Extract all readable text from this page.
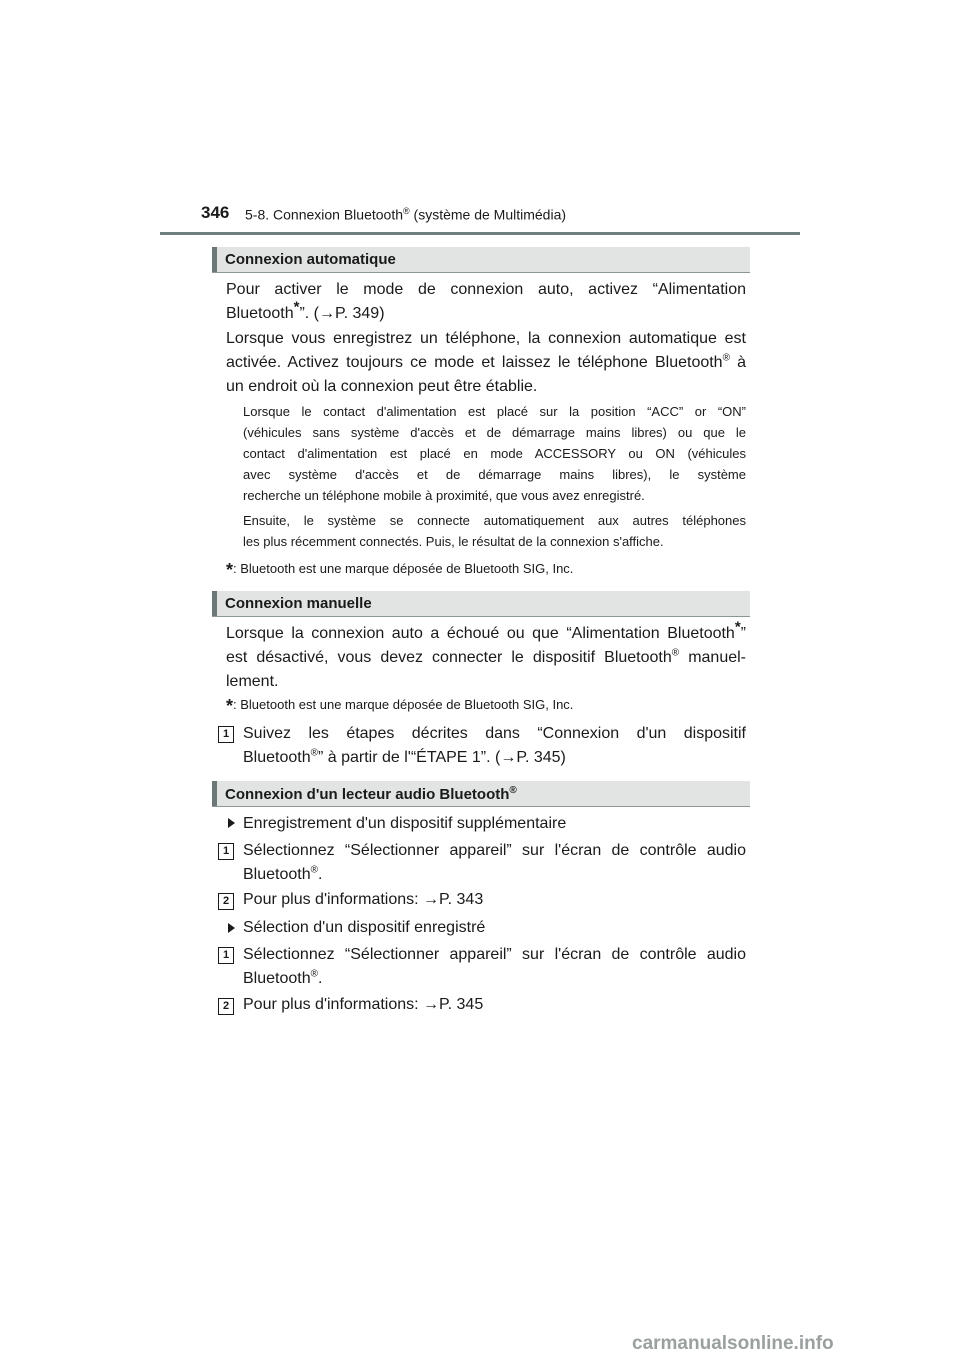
346 5-8. Connexion Bluetooth® (système de Multimédia)
Connexion automatique
Pour activer le mode de connexion auto, activez “Alimentation
Bluetooth*”. (→P. 349)
Lorsque vous enregistrez un téléphone, la connexion automatique est
activée. Activez toujours ce mode et laissez le téléphone Bluetooth® à
un endroit où la connexion peut être établie.
Lorsque le contact d'alimentation est placé sur la position “ACC” or “ON”
(véhicules sans système d'accès et de démarrage mains libres) ou que le
contact d'alimentation est placé en mode ACCESSORY ou ON (véhicules
avec système d'accès et de démarrage mains libres), le système
recherche un téléphone mobile à proximité, que vous avez enregistré.
Ensuite, le système se connecte automatiquement aux autres téléphones
les plus récemment connectés. Puis, le résultat de la connexion s'affiche.
*: Bluetooth est une marque déposée de Bluetooth SIG, Inc.
Connexion manuelle
Lorsque la connexion auto a échoué ou que “Alimentation Bluetooth*”
est désactivé, vous devez connecter le dispositif Bluetooth® manuel-
lement.
*: Bluetooth est une marque déposée de Bluetooth SIG, Inc.
1 Suivez les étapes décrites dans “Connexion d'un dispositif
Bluetooth®” à partir de l'“ÉTAPE 1”. (→P. 345)
Connexion d'un lecteur audio Bluetooth®
Enregistrement d'un dispositif supplémentaire
1 Sélectionnez “Sélectionner appareil” sur l'écran de contrôle audio
Bluetooth®.
2 Pour plus d'informations: →P. 343
Sélection d'un dispositif enregistré
1 Sélectionnez “Sélectionner appareil” sur l'écran de contrôle audio
Bluetooth®.
2 Pour plus d'informations: →P. 345
carmanualsonline.info
